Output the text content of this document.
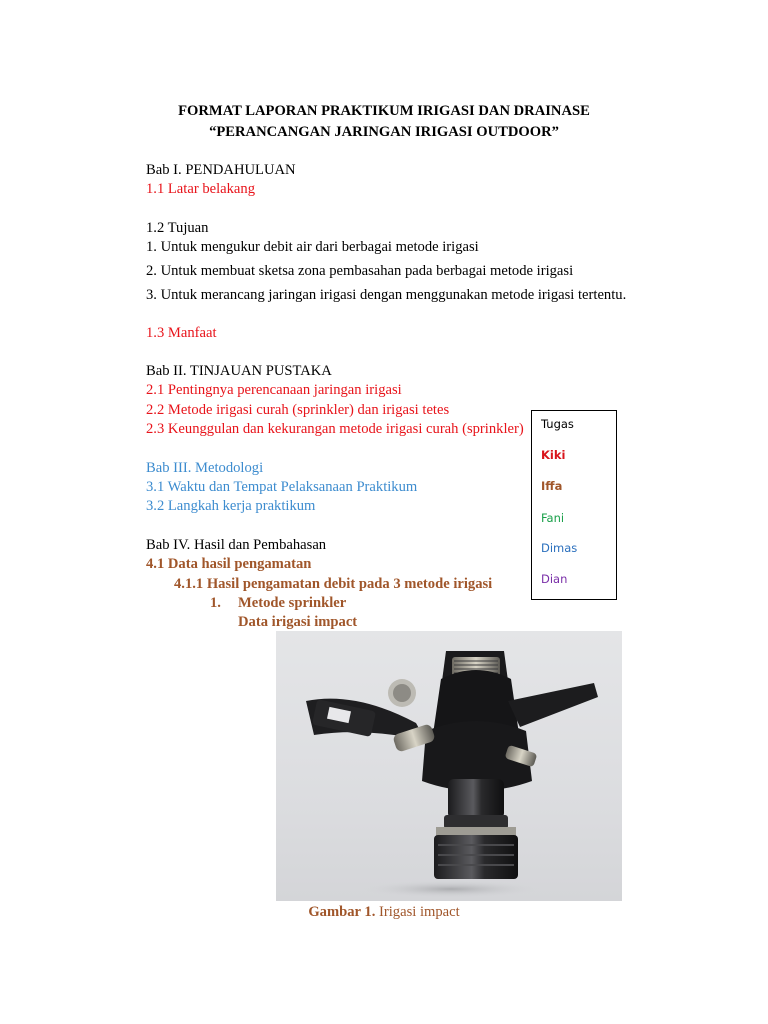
FORMAT LAPORAN PRAKTIKUM IRIGASI DAN DRAINASE

“PERANCANGAN JARINGAN IRIGASI OUTDOOR”

Bab I. PENDAHULUAN

1.1 Latar belakang

1.2 Tujuan

1. Untuk mengukur debit air dari berbagai metode irigasi

2. Untuk membuat sketsa zona pembasahan pada berbagai metode irigasi

3. Untuk merancang jaringan irigasi dengan menggunakan metode irigasi tertentu.

1.3 Manfaat

Bab II. TINJAUAN PUSTAKA

2.1 Pentingnya perencanaan jaringan irigasi

2.2 Metode irigasi curah (sprinkler) dan irigasi tetes

2.3 Keunggulan dan kekurangan metode irigasi curah (sprinkler)

Bab III. Metodologi

3.1 Waktu dan Tempat Pelaksanaan Praktikum

3.2 Langkah kerja praktikum

Bab IV. Hasil dan Pembahasan

4.1 Data hasil pengamatan

4.1.1 Hasil pengamatan debit pada 3 metode irigasi

1. Metode sprinkler

Data irigasi impact

Tugas
Kiki
Iffa
Fani
Dimas
Dian

Gambar 1. Irigasi impact
